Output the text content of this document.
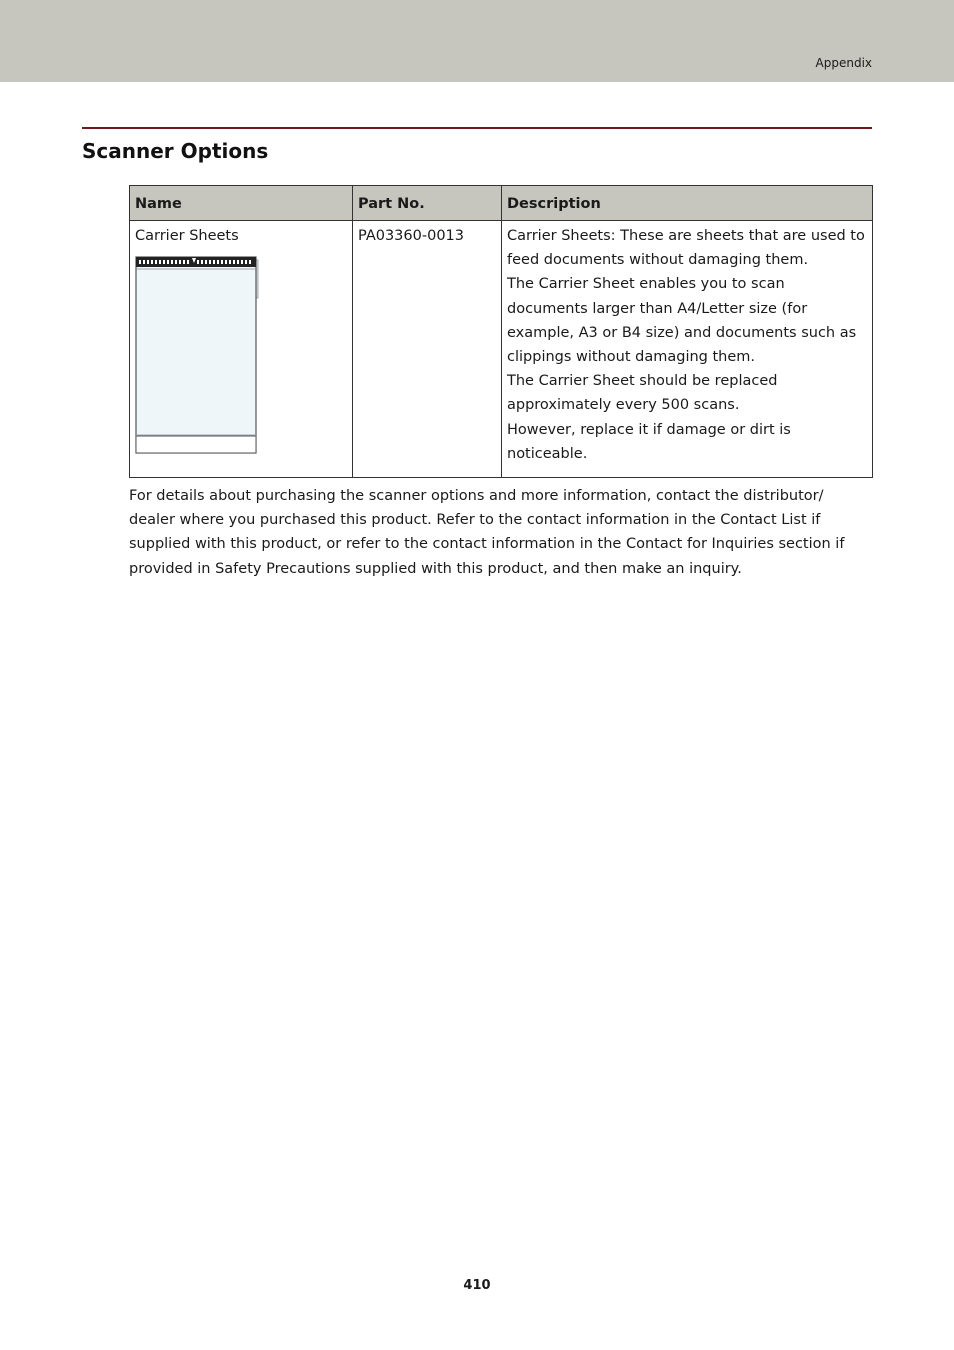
Appendix
Scanner Options
Name	Part No.	Description
Carrier Sheets	PA03360-0013	Carrier Sheets: These are sheets that are used to feed documents without damaging them.
The Carrier Sheet enables you to scan documents larger than A4/Letter size (for example, A3 or B4 size) and documents such as clippings without damaging them.
The Carrier Sheet should be replaced approximately every 500 scans.
However, replace it if damage or dirt is noticeable.

For details about purchasing the scanner options and more information, contact the distributor/ dealer where you purchased this product. Refer to the contact information in the Contact List if supplied with this product, or refer to the contact information in the Contact for Inquiries section if provided in Safety Precautions supplied with this product, and then make an inquiry.

410
